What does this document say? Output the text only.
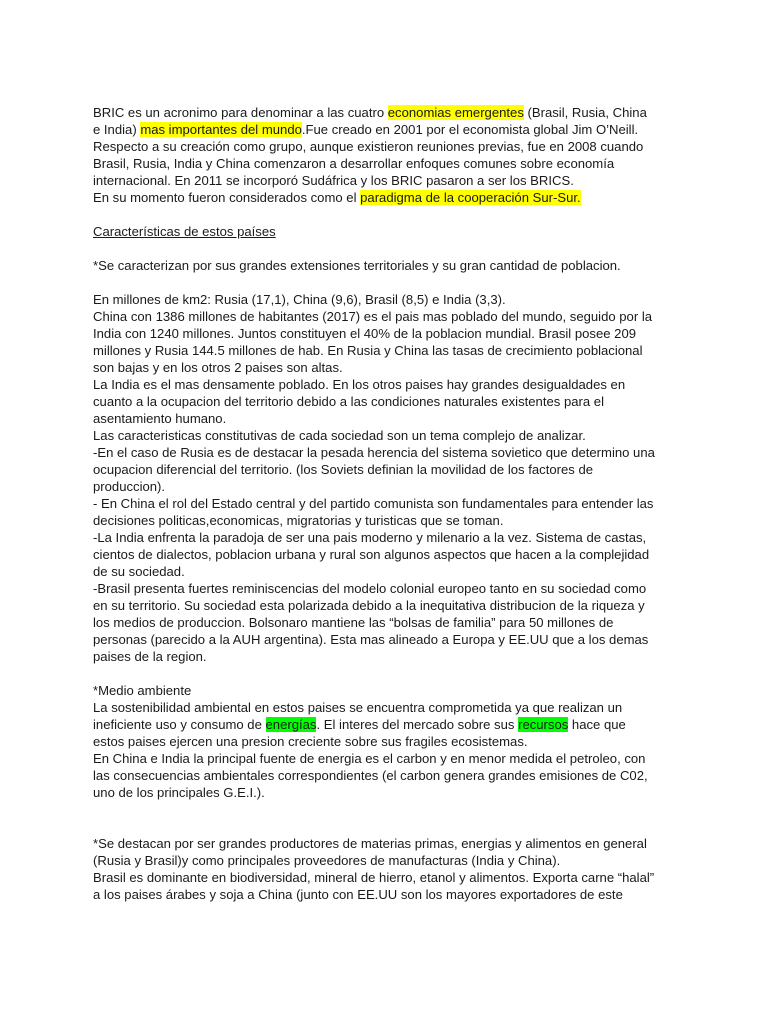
BRIC es un acronimo para denominar a las cuatro economias emergentes (Brasil, Rusia, China
e India) mas importantes del mundo.Fue creado en 2001 por el economista global Jim O’Neill.
Respecto a su creación como grupo, aunque existieron reuniones previas, fue en 2008 cuando
Brasil, Rusia, India y China comenzaron a desarrollar enfoques comunes sobre economía
internacional. En 2011 se incorporó Sudáfrica y los BRIC pasaron a ser los BRICS.
En su momento fueron considerados como el paradigma de la cooperación Sur-Sur.
Características de estos países
*Se caracterizan por sus grandes extensiones territoriales y su gran cantidad de poblacion.
En millones de km2: Rusia (17,1), China (9,6), Brasil (8,5) e India (3,3).
China con 1386 millones de habitantes (2017) es el pais mas poblado del mundo, seguido por la
India con 1240 millones. Juntos constituyen el 40% de la poblacion mundial. Brasil posee 209
millones y Rusia 144.5 millones de hab. En Rusia y China las tasas de crecimiento poblacional
son bajas y en los otros 2 paises son altas.
La India es el mas densamente poblado. En los otros paises hay grandes desigualdades en
cuanto a la ocupacion del territorio debido a las condiciones naturales existentes para el
asentamiento humano.
Las caracteristicas constitutivas de cada sociedad son un tema complejo de analizar.
-En el caso de Rusia es de destacar la pesada herencia del sistema sovietico que determino una
ocupacion diferencial del territorio. (los Soviets definian la movilidad de los factores de
produccion).
- En China el rol del Estado central y del partido comunista son fundamentales para entender las
decisiones politicas,economicas, migratorias y turisticas que se toman.
-La India enfrenta la paradoja de ser una pais moderno y milenario a la vez. Sistema de castas,
cientos de dialectos, poblacion urbana y rural son algunos aspectos que hacen a la complejidad
de su sociedad.
-Brasil presenta fuertes reminiscencias del modelo colonial europeo tanto en su sociedad como
en su territorio. Su sociedad esta polarizada debido a la inequitativa distribucion de la riqueza y
los medios de produccion. Bolsonaro mantiene las “bolsas de familia” para 50 millones de
personas (parecido a la AUH argentina). Esta mas alineado a Europa y EE.UU que a los demas
paises de la region.
*Medio ambiente
La sostenibilidad ambiental en estos paises se encuentra comprometida ya que realizan un
ineficiente uso y consumo de energías. El interes del mercado sobre sus recursos hace que
estos paises ejercen una presion creciente sobre sus fragiles ecosistemas.
En China e India la principal fuente de energia es el carbon y en menor medida el petroleo, con
las consecuencias ambientales correspondientes (el carbon genera grandes emisiones de C02,
uno de los principales G.E.I.).
*Se destacan por ser grandes productores de materias primas, energias y alimentos en general
(Rusia y Brasil)y como principales proveedores de manufacturas (India y China).
Brasil es dominante en biodiversidad, mineral de hierro, etanol y alimentos. Exporta carne “halal”
a los paises árabes y soja a China (junto con EE.UU son los mayores exportadores de este
